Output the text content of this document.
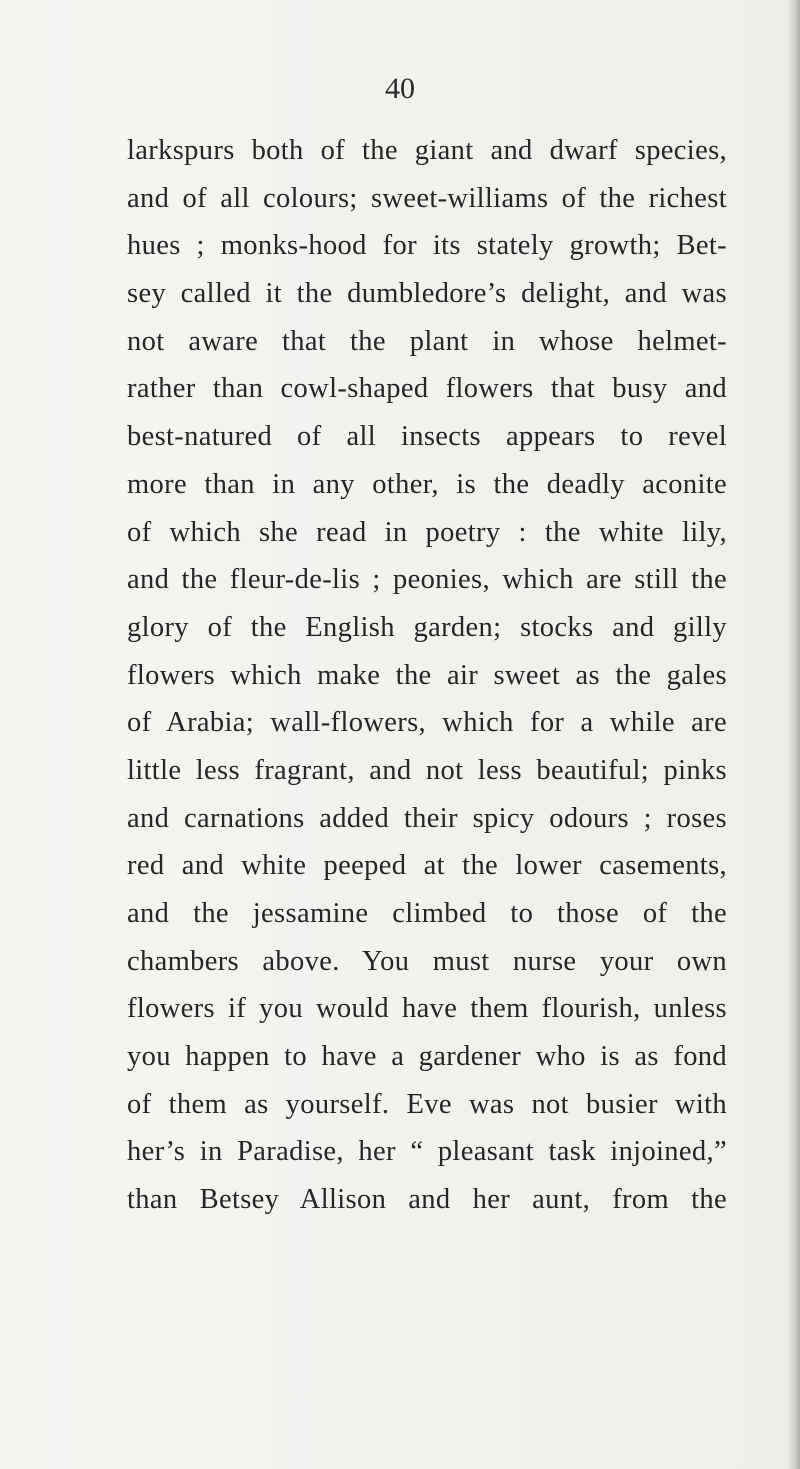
40

larkspurs both of the giant and dwarf species,
and of all colours; sweet-williams of the richest
hues ; monks-hood for its stately growth; Bet-
sey called it the dumbledore’s delight, and was
not aware that the plant in whose helmet-
rather than cowl-shaped flowers that busy and
best-natured of all insects appears to revel
more than in any other, is the deadly aconite
of which she read in poetry : the white lily,
and the fleur-de-lis ; peonies, which are still the
glory of the English garden; stocks and gilly
flowers which make the air sweet as the gales
of Arabia; wall-flowers, which for a while are
little less fragrant, and not less beautiful; pinks
and carnations added their spicy odours ; roses
red and white peeped at the lower casements,
and the jessamine climbed to those of the
chambers above. You must nurse your own
flowers if you would have them flourish, unless
you happen to have a gardener who is as fond
of them as yourself. Eve was not busier with
her’s in Paradise, her “ pleasant task injoined,”
than Betsey Allison and her aunt, from the
